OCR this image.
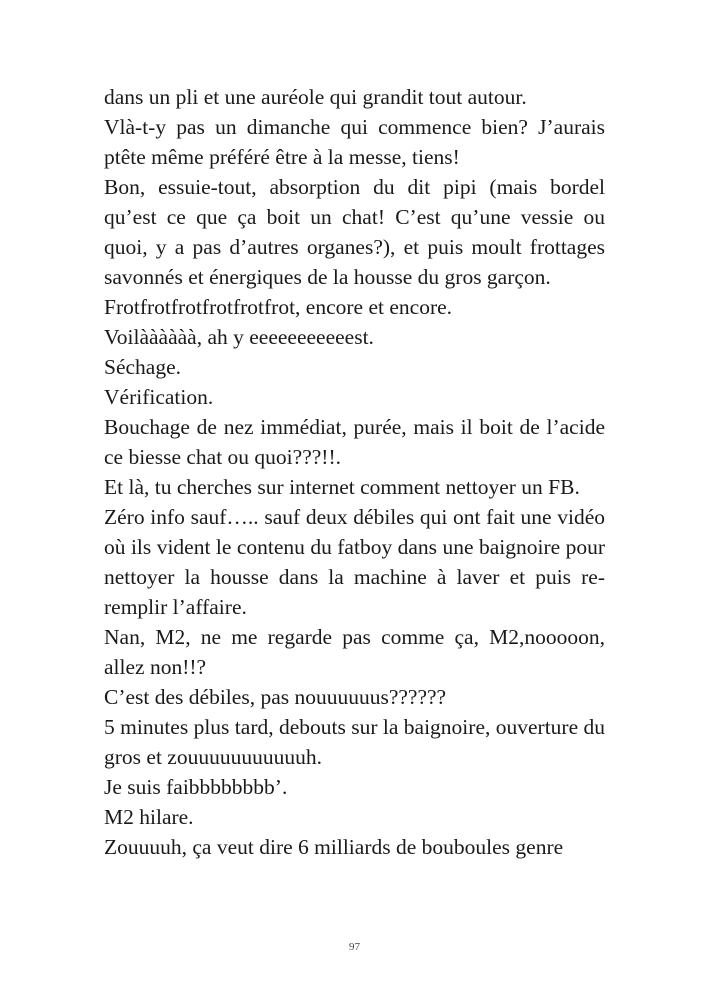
dans un pli et une auréole qui grandit tout autour.

Vlà-t-y pas un dimanche qui commence bien? J’aurais ptête même préféré être à la messe, tiens!

Bon, essuie-tout, absorption du dit pipi (mais bordel qu’est ce que ça boit un chat! C’est qu’une vessie ou quoi, y a pas d’autres organes?), et puis moult frottages savonnés et énergiques de la housse du gros garçon.

Frotfrotfrotfrotfrotfrot, encore et encore.

Voilàààààà, ah y eeeeeeeeeeest.

Séchage.

Vérification.

Bouchage de nez immédiat, purée, mais il boit de l’acide ce biesse chat ou quoi???!!.

Et là, tu cherches sur internet comment nettoyer un FB.

Zéro info sauf….. sauf deux débiles qui ont fait une vidéo où ils vident le contenu du fatboy dans une baignoire pour nettoyer la housse dans la machine à laver et puis re-remplir l’affaire.

Nan, M2, ne me regarde pas comme ça, M2,nooooon, allez non!!?

C’est des débiles, pas nouuuuuus??????

5 minutes plus tard, debouts sur la baignoire, ouverture du gros et zouuuuuuuuuuuh.

Je suis faibbbbbbbb’.

M2 hilare.

Zouuuuh, ça veut dire 6 milliards de bouboules genre

97
